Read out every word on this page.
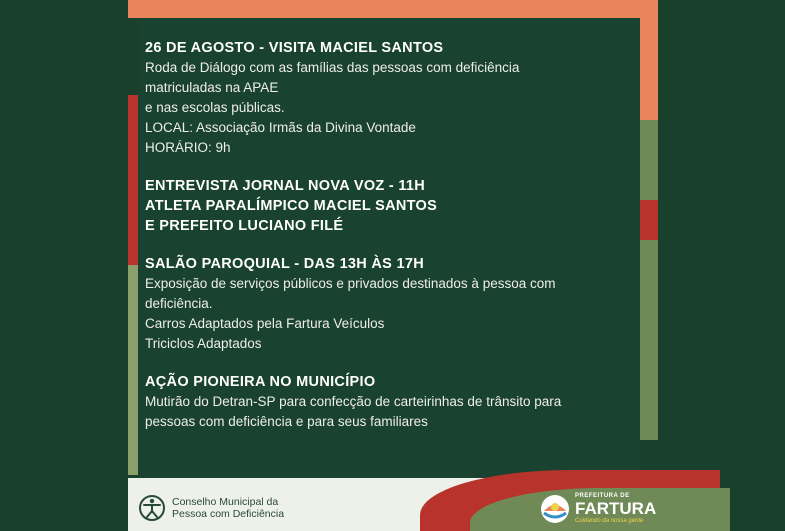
26 DE AGOSTO - VISITA MACIEL SANTOS
Roda de Diálogo com as famílias das pessoas com deficiência
matriculadas na APAE
e nas escolas públicas.
LOCAL: Associação Irmãs da Divina Vontade
HORÁRIO: 9h
ENTREVISTA JORNAL NOVA VOZ - 11H
ATLETA PARALÍMPICO MACIEL SANTOS
E PREFEITO LUCIANO FILÉ
SALÃO PAROQUIAL - DAS 13H ÀS 17H
Exposição de serviços públicos e privados destinados à pessoa com
deficiência.
Carros Adaptados pela Fartura Veículos
Triciclos Adaptados
AÇÃO PIONEIRA NO MUNICÍPIO
Mutirão do Detran-SP para confecção de carteirinhas de trânsito para
pessoas com deficiência e para seus familiares
Conselho Municipal da
Pessoa com Deficiência
PREFEITURA DE
FARTURA
Cuidando da nossa gente
